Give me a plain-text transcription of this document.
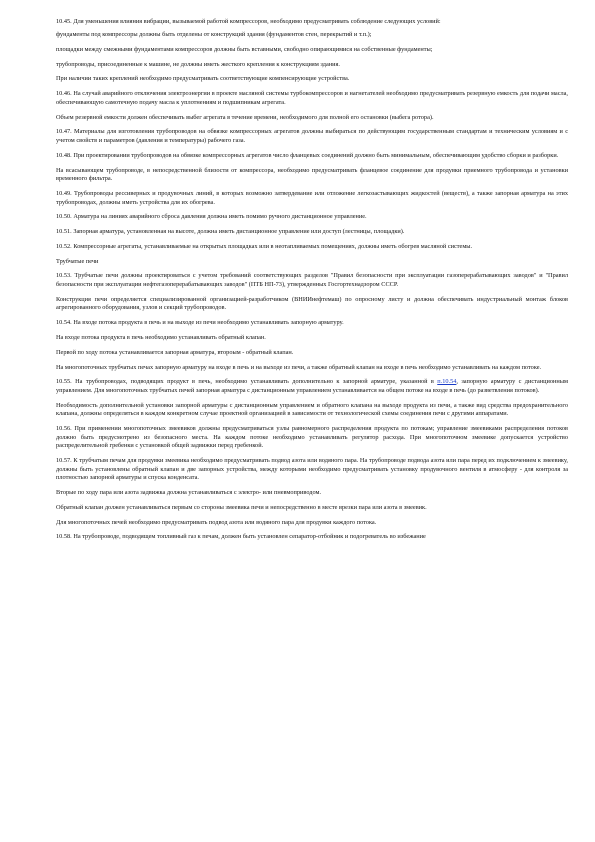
10.45. Для уменьшения влияния вибрации, вызываемой работой компрессоров, необходимо предусматривать соблюдение следующих условий:

фундаменты под компрессоры должны быть отделены от конструкций здания (фундаментов стен, перекрытий и т.п.);

площадки между смежными фундаментами компрессоров должны быть вставными, свободно опирающимися на собственные фундаменты;

трубопроводы, присоединенные к машине, не должны иметь жесткого крепления к конструкциям здания.

При наличии таких креплений необходимо предусматривать соответствующие компенсирующие устройства.

10.46. На случай аварийного отключения электроэнергии в проекте масляной системы турбокомпрессоров и нагнетателей необходимо предусматривать резервную емкость для подачи масла, обеспечивающую самотечную подачу масла к уплотнениям и подшипникам агрегата.

Объем резервной емкости должен обеспечивать выбег агрегата в течение времени, необходимого для полной его остановки (выбега ротора).

10.47. Материалы для изготовления трубопроводов на обвязке компрессорных агрегатов должны выбираться по действующим государственным стандартам и техническим условиям и с учетом свойств и параметров (давления и температуры) рабочего газа.

10.48. При проектировании трубопроводов на обвязке компрессорных агрегатов число фланцевых соединений должно быть минимальным, обеспечивающим удобство сборки и разборки.

На всасывающем трубопроводе, в непосредственной близости от компрессора, необходимо предусматривать фланцевое соединение для продувки приемного трубопровода и установки временного фильтра.

10.49. Трубопроводы рессиверных и продувочных линий, в которых возможно затвердевание или отложение легкозастывающих жидкостей (веществ), а также запорная арматура на этих трубопроводах, должны иметь устройства для их обогрева.

10.50. Арматура на линиях аварийного сброса давления должна иметь помимо ручного дистанционное управление.

10.51. Запорная арматура, установленная на высоте, должна иметь дистанционное управление или доступ (лестницы, площадки).

10.52. Компрессорные агрегаты, устанавливаемые на открытых площадках или в неотапливаемых помещениях, должны иметь обогрев масляной системы.

Трубчатые печи

10.53. Трубчатые печи должны проектироваться с учетом требований соответствующих разделов "Правил безопасности при эксплуатации газоперерабатывающих заводов" и "Правил безопасности при эксплуатации нефтегазоперерабатывающих заводов" (ПТБ НП-73), утвержденных Госгортехнадзором СССР.

Конструкция печи определяется специализированной организацией-разработчиком (ВНИИнефтемаш) по опросному листу и должна обеспечивать индустриальный монтаж блоков агрегированного оборудования, узлов и секций трубопроводов.

10.54. На входе потока продукта в печь и на выходе из печи необходимо устанавливать запорную арматуру.

На входе потока продукта в печь необходимо устанавливать обратный клапан.

Первой по ходу потока устанавливается запорная арматура, второым - обратный клапан.

На многопоточных трубчатых печах запорную арматуру на входе в печь и на выходе из печи, а также обратный клапан на входе в печь необходимо устанавливать на каждом потоке.

10.55. На трубопроводах, подводящих продукт в печь, необходимо устанавливать дополнительно к запорной арматуре, указанной в п.10.54, запорную арматуру с дистанционным управлением. Для многопоточных трубчатых печей запорная арматура с дистанционным управлением устанавливается на общем потоке на входе в печь (до разветвления потоков).

Необходимость дополнительной установки запорной арматуры с дистанционным управлением и обратного клапана на выходе продукта из печи, а также вид средства предохранительного клапана, должны определяться в каждом конкретном случае проектной организацией в зависимости от технологической схемы соединения печи с другими аппаратами.

10.56. При применении многопоточных змеевиков должны предусматриваться узлы равномерного распределения продукта по потокам; управление змеевиками распределения потоков должно быть предусмотрено из безопасного места. На каждом потоке необходимо устанавливать регулятор расхода. При многопоточном змеевике допускается устройство распределительной гребенки с установкой общей задвижки перед гребенкой.

10.57. К трубчатым печам для продувки змеевика необходимо предусматривать подвод азота или водяного пара. На трубопроводе подвода азота или пара перед их подключением к змеевику, должны быть установлены обратный клапан и две запорных устройства, между которыми необходимо предусматривать установку продувочного вентиля в атмосферу - для контроля за плотностью запорной арматуры и спуска конденсата.

Вторые по ходу пара или азота задвижка должна устанавливаться с электро- или пневмоприводом.

Обратный клапан должен устанавливаться первым со стороны змеевика печи и непосредственно в месте врезки пара или азота в змеевик.

Для многопоточных печей необходимо предусматривать подвод азота или водяного пара для продувки каждого потока.

10.58. На трубопроводе, подводящем топливный газ к печам, должен быть установлен сепаратор-отбойник и подогреватель во избежание
